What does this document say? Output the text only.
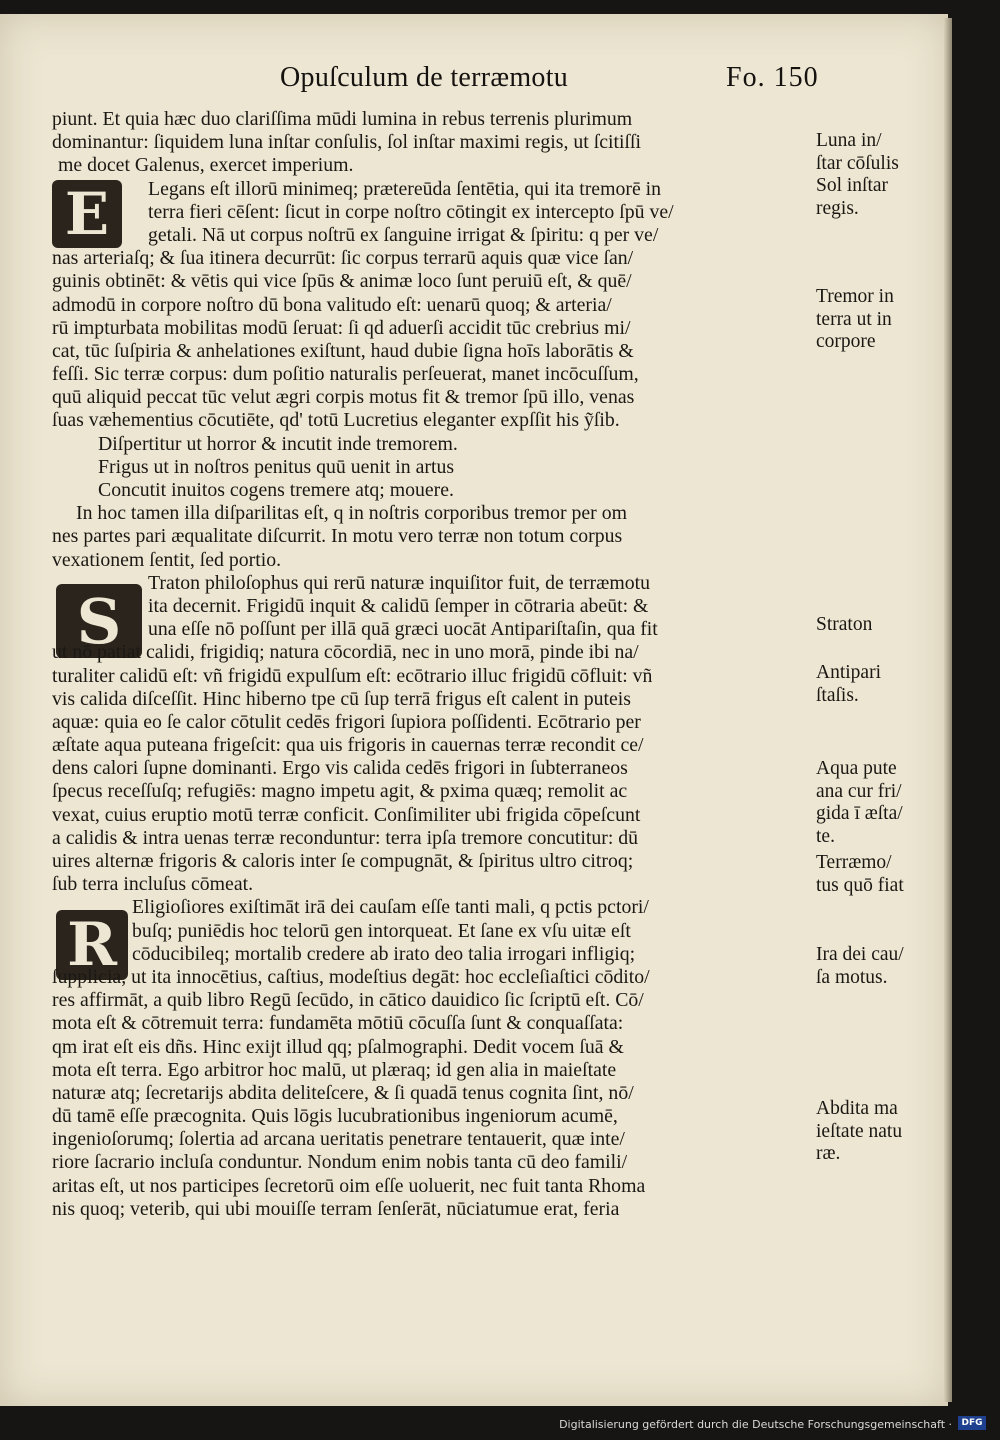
Opuſculum de terræmotu	Fo. 150
E
S
R
piunt. Et quia hæc duo clariſſima mūdi lumina in rebus terrenis plurimum
dominantur: ſiquidem luna inſtar conſulis, ſol inſtar maximi regis, ut ſcitiſſi
me docet Galenus, exercet imperium.
Legans eſt illorū minimeq; prætereūda ſentētia, qui ita tremorē in
terra fieri cēſent: ſicut in corpe noſtro cōtingit ex intercepto ſpū ve/
getali. Nā ut corpus noſtrū ex ſanguine irrigat & ſpiritu: q per ve/
nas arteriaſq; & ſua itinera decurrūt: ſic corpus terrarū aquis quæ vice ſan/
guinis obtinēt: & vētis qui vice ſpūs & animæ loco ſunt peruiū eſt, & quē/
admodū in corpore noſtro dū bona valitudo eſt: uenarū quoq; & arteria/
rū impturbata mobilitas modū ſeruat: ſi qd aduerſi accidit tūc crebrius mi/
cat, tūc ſuſpiria & anhelationes exiſtunt, haud dubie ſigna hoīs laborātis &
feſſi. Sic terræ corpus: dum poſitio naturalis perſeuerat, manet incōcuſſum,
quū aliquid peccat tūc velut ægri corpis motus fit & tremor ſpū illo, venas
ſuas væhementius cōcutiēte, qd' totū Lucretius eleganter expſſit his ỹſib.
Diſpertitur ut horror & incutit inde tremorem.
Frigus ut in noſtros penitus quū uenit in artus
Concutit inuitos cogens tremere atq; mouere.
In hoc tamen illa diſparilitas eſt, q in noſtris corporibus tremor per om
nes partes pari æqualitate diſcurrit. In motu vero terræ non totum corpus
vexationem ſentit, ſed portio.
Traton philoſophus qui rerū naturæ inquiſitor fuit, de terræmotu
ita decernit. Frigidū inquit & calidū ſemper in cōtraria abeūt: &
una eſſe nō poſſunt per illā quā græci uocāt Antipariſtaſin, qua fit
ut nō patiat calidi, frigidiq; natura cōcordiā, nec in uno morā, pinde ibi na/
turaliter calidū eſt: vñ frigidū expulſum eſt: ecōtrario illuc frigidū cōfluit: vñ
vis calida diſceſſit. Hinc hiberno tpe cū ſup terrā frigus eſt calent in puteis
aquæ: quia eo ſe calor cōtulit cedēs frigori ſupiora poſſidenti. Ecōtrario per
æſtate aqua puteana frigeſcit: qua uis frigoris in cauernas terræ recondit ce/
dens calori ſupne dominanti. Ergo vis calida cedēs frigori in ſubterraneos
ſpecus receſſuſq; refugiēs: magno impetu agit, & pxima quæq; remolit ac
vexat, cuius eruptio motū terræ conficit. Conſimiliter ubi frigida cōpeſcunt
a calidis & intra uenas terræ reconduntur: terra ipſa tremore concutitur: dū
uires alternæ frigoris & caloris inter ſe compugnāt, & ſpiritus ultro citroq;
ſub terra incluſus cōmeat.
Eligioſiores exiſtimāt irā dei cauſam eſſe tanti mali, q pctis pctori/
buſq; puniēdis hoc telorū gen intorqueat. Et ſane ex vſu uitæ eſt
cōducibileq; mortalib credere ab irato deo talia irrogari infligiq;
ſupplicia, ut ita innocētius, caſtius, modeſtius degāt: hoc eccleſiaſtici cōdito/
res affirmāt, a quib libro Regū ſecūdo, in cātico dauidico ſic ſcriptū eſt. Cō/
mota eſt & cōtremuit terra: fundamēta mōtiū cōcuſſa ſunt & conquaſſata:
qm irat eſt eis dñs. Hinc exijt illud qq; pſalmographi. Dedit vocem ſuā &
mota eſt terra. Ego arbitror hoc malū, ut plæraq; id gen alia in maieſtate
naturæ atq; ſecretarijs abdita deliteſcere, & ſi quadā tenus cognita ſint, nō/
dū tamē eſſe præcognita. Quis lōgis lucubrationibus ingeniorum acumē,
ingenioſorumq; ſolertia ad arcana ueritatis penetrare tentauerit, quæ inte/
riore ſacrario incluſa conduntur. Nondum enim nobis tanta cū deo famili/
aritas eſt, ut nos participes ſecretorū oim eſſe uoluerit, nec fuit tanta Rhoma
nis quoq; veterib, qui ubi mouiſſe terram ſenſerāt, nūciatumue erat, feria
Luna in/
ſtar cōſulis
Sol inſtar
regis.
Tremor in
terra ut in
corpore
Straton
Antipari
ſtaſis.
Aqua pute
ana cur fri/
gida ī æſta/
te.
Terræmo/
tus quō fiat
Ira dei cau/
ſa motus.
Abdita ma
ieſtate natu
ræ.
Digitalisierung gefördert durch die Deutsche Forschungsgemeinschaft ·	DFG
